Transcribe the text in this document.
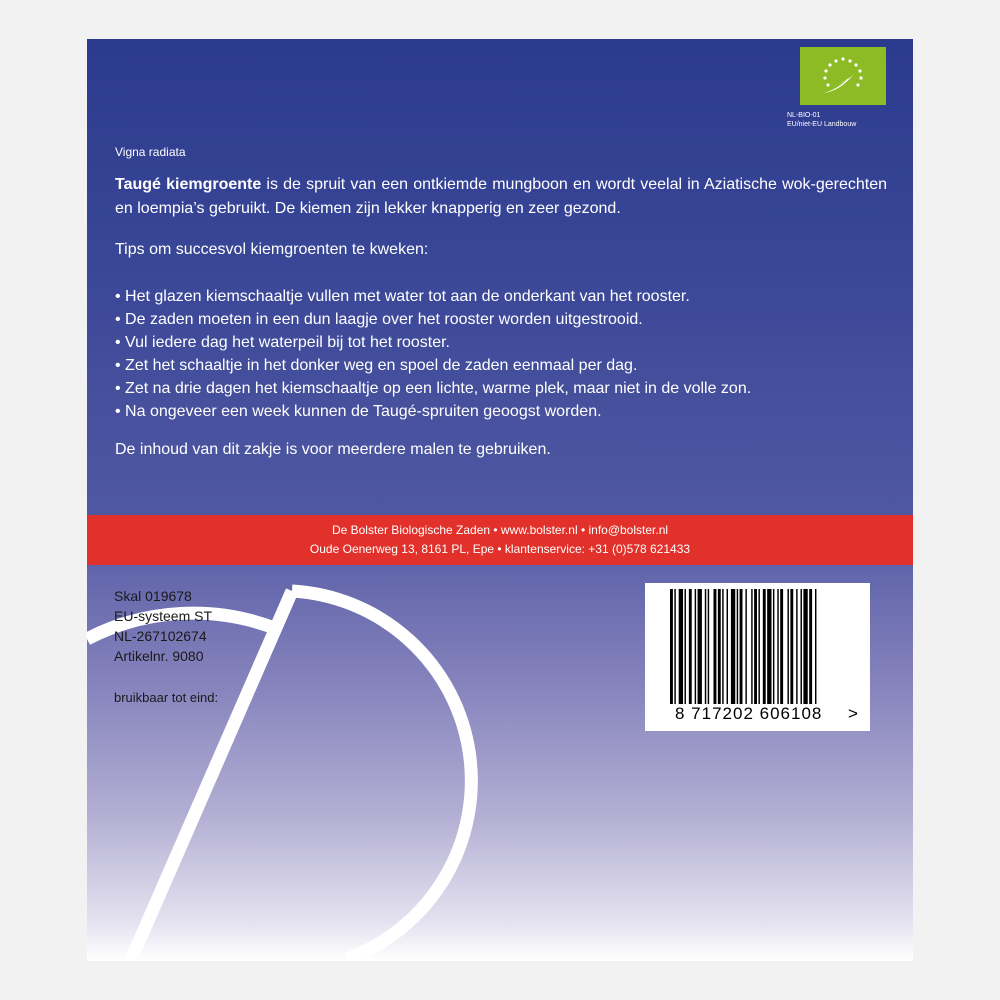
NL-BIO-01
EU/niet-EU Landbouw
Vigna radiata

Taugé kiemgroente is de spruit van een ontkiemde mungboon en wordt veelal in Aziatische wok-gerechten en loempia’s gebruikt. De kiemen zijn lekker knapperig en zeer gezond.

Tips om succesvol kiemgroenten te kweken:
• Het glazen kiemschaaltje vullen met water tot aan de onderkant van het rooster.
• De zaden moeten in een dun laagje over het rooster worden uitgestrooid.
• Vul iedere dag het waterpeil bij tot het rooster.
• Zet het schaaltje in het donker weg en spoel de zaden eenmaal per dag.
• Zet na drie dagen het kiemschaaltje op een lichte, warme plek, maar niet in de volle zon.
• Na ongeveer een week kunnen de Taugé-spruiten geoogst worden.
De inhoud van dit zakje is voor meerdere malen te gebruiken.
De Bolster Biologische Zaden • www.bolster.nl • info@bolster.nl
Oude Oenerweg 13, 8161 PL, Epe • klantenservice: +31 (0)578 621433
Skal 019678
EU-systeem ST
NL-267102674
Artikelnr. 9080
bruikbaar tot eind:
8 717202 606108 >
